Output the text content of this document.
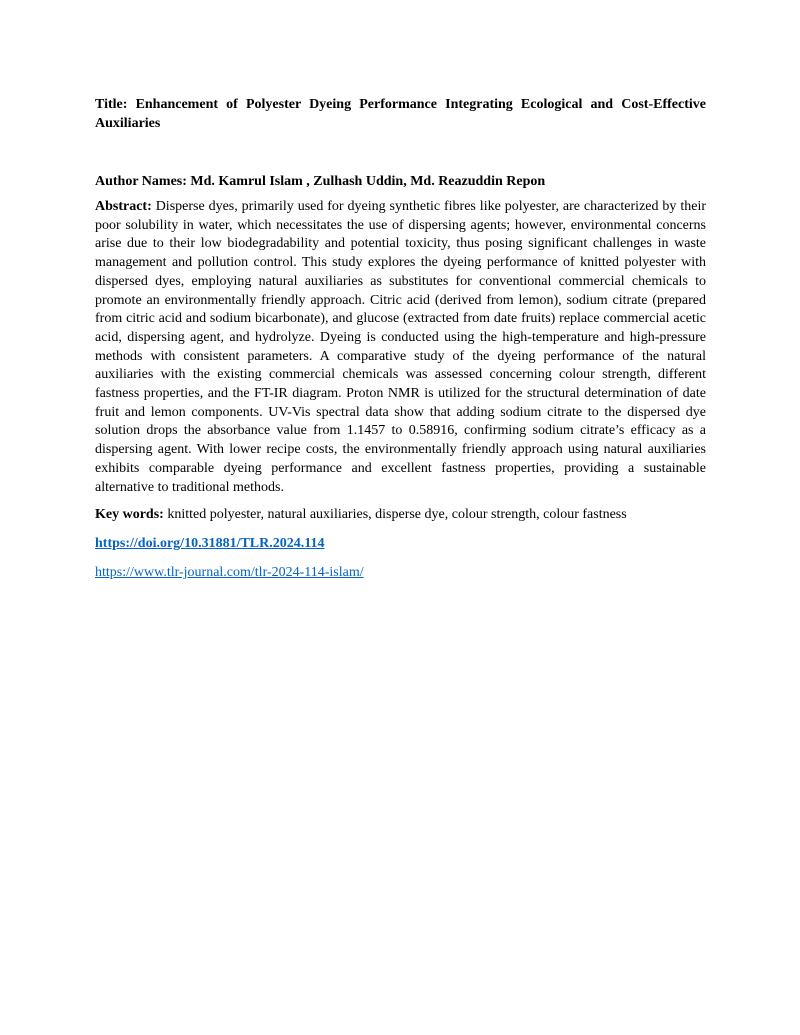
Title: Enhancement of Polyester Dyeing Performance Integrating Ecological and Cost-Effective Auxiliaries
Author Names: Md. Kamrul Islam , Zulhash Uddin, Md. Reazuddin Repon
Abstract: Disperse dyes, primarily used for dyeing synthetic fibres like polyester, are characterized by their poor solubility in water, which necessitates the use of dispersing agents; however, environmental concerns arise due to their low biodegradability and potential toxicity, thus posing significant challenges in waste management and pollution control. This study explores the dyeing performance of knitted polyester with dispersed dyes, employing natural auxiliaries as substitutes for conventional commercial chemicals to promote an environmentally friendly approach. Citric acid (derived from lemon), sodium citrate (prepared from citric acid and sodium bicarbonate), and glucose (extracted from date fruits) replace commercial acetic acid, dispersing agent, and hydrolyze. Dyeing is conducted using the high-temperature and high-pressure methods with consistent parameters. A comparative study of the dyeing performance of the natural auxiliaries with the existing commercial chemicals was assessed concerning colour strength, different fastness properties, and the FT-IR diagram. Proton NMR is utilized for the structural determination of date fruit and lemon components. UV-Vis spectral data show that adding sodium citrate to the dispersed dye solution drops the absorbance value from 1.1457 to 0.58916, confirming sodium citrate’s efficacy as a dispersing agent. With lower recipe costs, the environmentally friendly approach using natural auxiliaries exhibits comparable dyeing performance and excellent fastness properties, providing a sustainable alternative to traditional methods.
Key words: knitted polyester, natural auxiliaries, disperse dye, colour strength, colour fastness
https://doi.org/10.31881/TLR.2024.114
https://www.tlr-journal.com/tlr-2024-114-islam/
